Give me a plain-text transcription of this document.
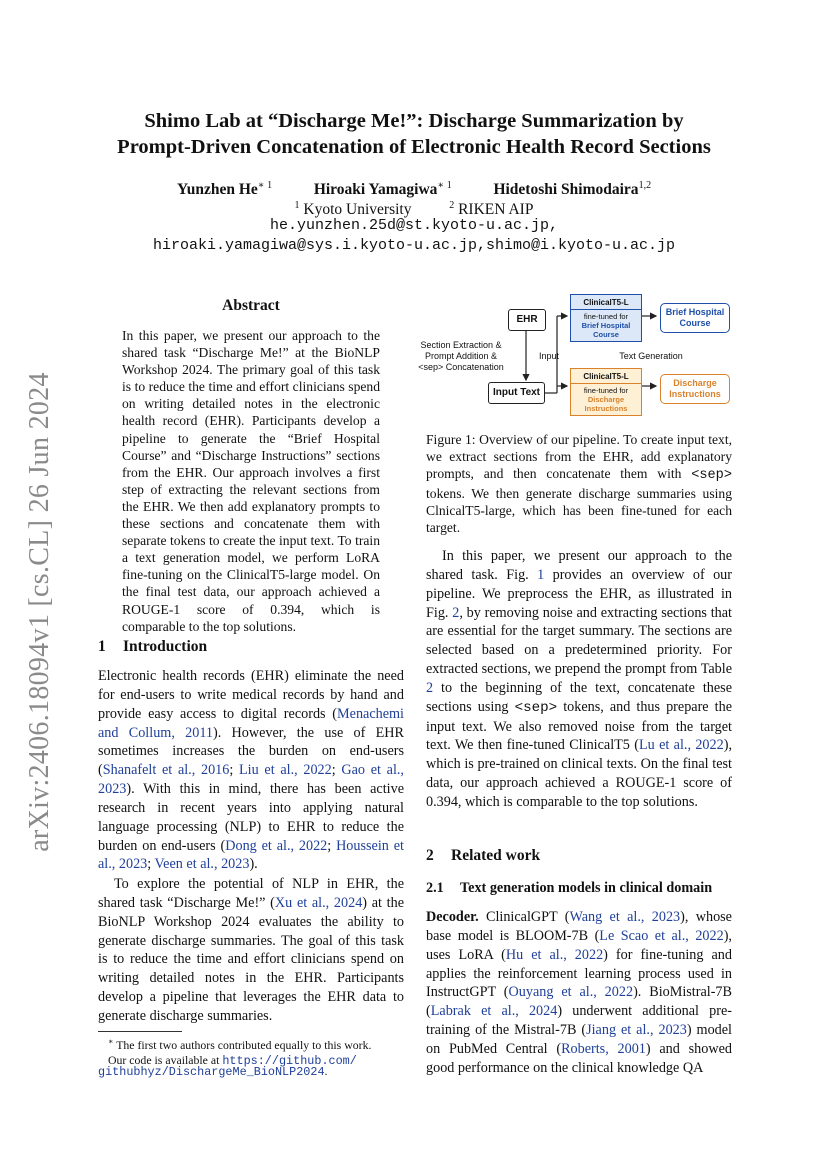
arXiv:2406.18094v1 [cs.CL] 26 Jun 2024
Shimo Lab at “Discharge Me!”: Discharge Summarization by
Prompt-Driven Concatenation of Electronic Health Record Sections
Yunzhen $He^{∗ 1}$	Hiroaki Yamagiwa$^{∗ 1}$	Hidetoshi Shimodaira$^{1,2}$
$^1$ Kyoto University	$^2$ RIKEN AIP
he.yunzhen.25d@st.kyoto-u.ac.jp,
hiroaki.yamagiwa@sys.i.kyoto-u.ac.jp,shimo@i.kyoto-u.ac.jp
Abstract
In this paper, we present our approach to the shared task “Discharge Me!” at the BioNLP Workshop 2024. The primary goal of this task is to reduce the time and effort clinicians spend on writing detailed notes in the electronic health record (EHR). Participants develop a pipeline to generate the “Brief Hospital Course” and “Discharge Instructions” sections from the EHR. Our approach involves a first step of extracting the relevant sections from the EHR. We then add explanatory prompts to these sections and concatenate them with separate tokens to create the input text. To train a text generation model, we perform LoRA fine-tuning on the ClinicalT5-large model. On the final test data, our approach achieved a ROUGE-1 score of 0.394, which is comparable to the top solutions.
1 Introduction
Electronic health records (EHR) eliminate the need for end-users to write medical records by hand and provide easy access to digital records (Menachemi and Collum, 2011). However, the use of EHR sometimes increases the burden on end-users (Shanafelt et al., 2016; Liu et al., 2022; Gao et al., 2023). With this in mind, there has been active research in recent years into applying natural language processing (NLP) to EHR to reduce the burden on end-users (Dong et al., 2022; Houssein et al., 2023; Veen et al., 2023).
To explore the potential of NLP in EHR, the shared task “Discharge Me!” (Xu et al., 2024) at the BioNLP Workshop 2024 evaluates the ability to generate discharge summaries. The goal of this task is to reduce the time and effort clinicians spend on writing detailed notes in the EHR. Participants develop a pipeline that leverages the EHR data to generate discharge summaries.
∗ The first two authors contributed equally to this work.
Our code is available at https://github.com/
githubhyz/DischargeMe_BioNLP2024.
EHR
Input Text
Section Extraction &
Prompt Addition &
<sep> Concatenation
Input	Text Generation
ClinicalT5-L
fine-tuned for
Brief Hospital
Course
ClinicalT5-L
fine-tuned for
Discharge
Instructions
Brief Hospital
Course
Discharge
Instructions
Figure 1: Overview of our pipeline. To create input text, we extract sections from the EHR, add explanatory prompts, and then concatenate them with <sep> tokens. We then generate discharge summaries using ClnicalT5-large, which has been fine-tuned for each target.
In this paper, we present our approach to the shared task. Fig. 1 provides an overview of our pipeline. We preprocess the EHR, as illustrated in Fig. 2, by removing noise and extracting sections that are essential for the target summary. The sections are selected based on a predetermined priority. For extracted sections, we prepend the prompt from Table 2 to the beginning of the text, concatenate these sections using <sep> tokens, and thus prepare the input text. We also removed noise from the target text. We then fine-tuned ClinicalT5 (Lu et al., 2022), which is pre-trained on clinical texts. On the final test data, our approach achieved a ROUGE-1 score of 0.394, which is comparable to the top solutions.
2 Related work
2.1 Text generation models in clinical domain
Decoder. ClinicalGPT (Wang et al., 2023), whose base model is BLOOM-7B (Le Scao et al., 2022), uses LoRA (Hu et al., 2022) for fine-tuning and applies the reinforcement learning process used in InstructGPT (Ouyang et al., 2022). BioMistral-7B (Labrak et al., 2024) underwent additional pre-training of the Mistral-7B (Jiang et al., 2023) model on PubMed Central (Roberts, 2001) and showed good performance on the clinical knowledge QA
